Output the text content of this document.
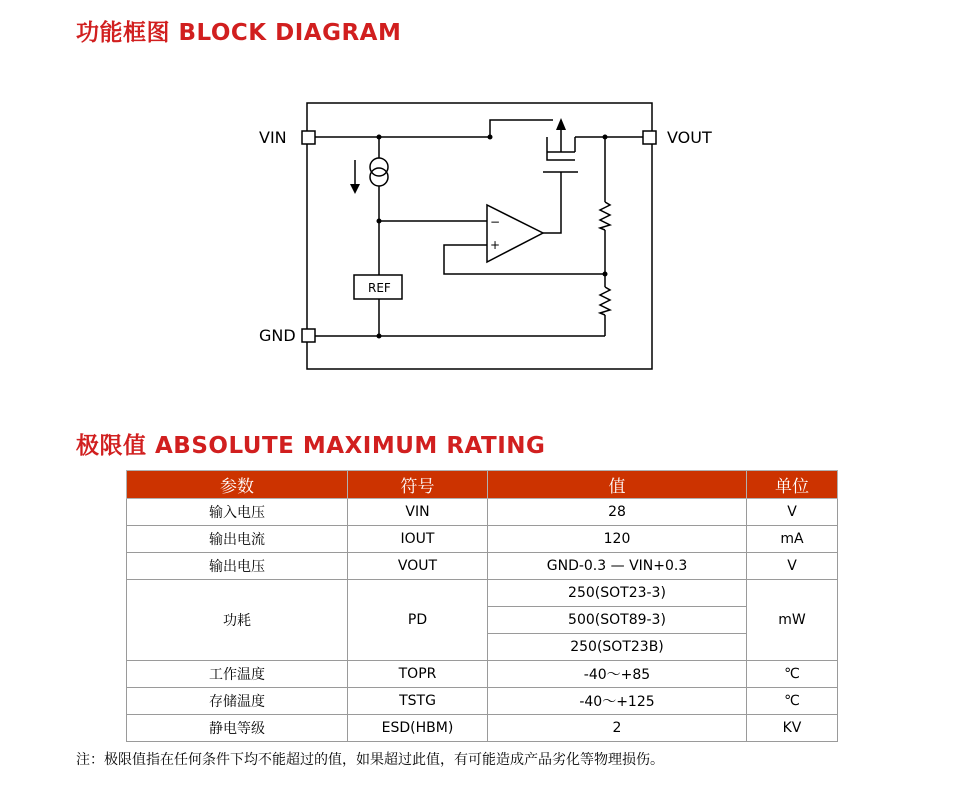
功能框图 BLOCK DIAGRAM
VIN	VOUT
GND
−
+
REF
极限值 ABSOLUTE MAXIMUM RATING
参数	符号	值	单位
输入电压	VIN	28	V
输出电流	IOUT	120	mA
输出电压	VOUT	GND-0.3 — VIN+0.3	V
功耗	PD	250(SOT23-3)	mW
		500(SOT89-3)	
		250(SOT23B)	
工作温度	TOPR	-40～+85	℃
存储温度	TSTG	-40～+125	℃
静电等级	ESD(HBM)	2	KV

注：极限值指在任何条件下均不能超过的值，如果超过此值，有可能造成产品劣化等物理损伤。
